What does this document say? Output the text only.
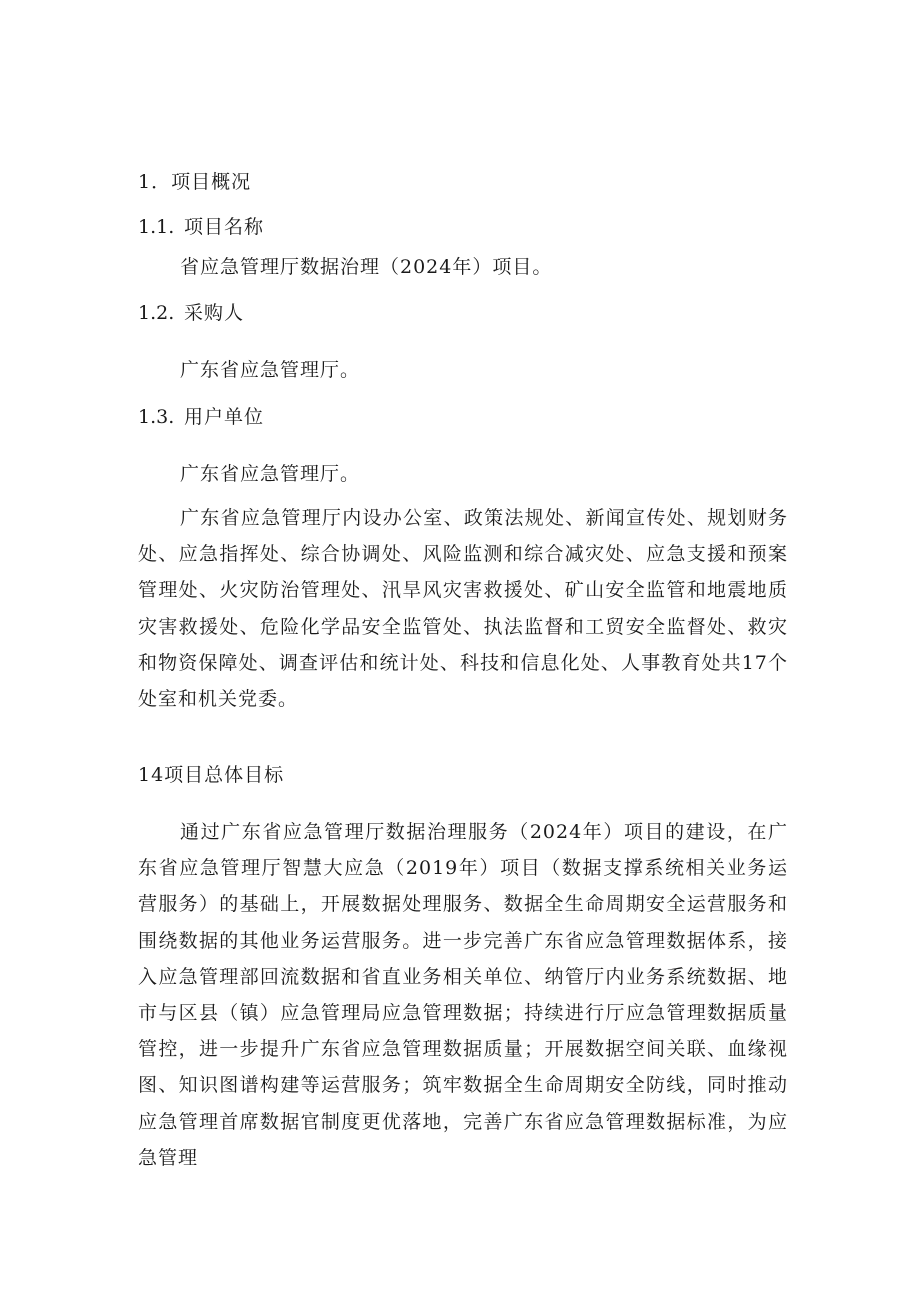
1．项目概况
1.1. 项目名称
省应急管理厅数据治理（2024年）项目。
1.2. 采购人
广东省应急管理厅。
1.3. 用户单位
广东省应急管理厅。

广东省应急管理厅内设办公室、政策法规处、新闻宣传处、规划财务处、应急指挥处、综合协调处、风险监测和综合减灾处、应急支援和预案管理处、火灾防治管理处、汛旱风灾害救援处、矿山安全监管和地震地质灾害救援处、危险化学品安全监管处、执法监督和工贸安全监督处、救灾和物资保障处、调查评估和统计处、科技和信息化处、人事教育处共17个处室和机关党委。

14项目总体目标

通过广东省应急管理厅数据治理服务（2024年）项目的建设，在广东省应急管理厅智慧大应急（2019年）项目（数据支撑系统相关业务运营服务）的基础上，开展数据处理服务、数据全生命周期安全运营服务和围绕数据的其他业务运营服务。进一步完善广东省应急管理数据体系，接入应急管理部回流数据和省直业务相关单位、纳管厅内业务系统数据、地市与区县（镇）应急管理局应急管理数据；持续进行厅应急管理数据质量管控，进一步提升广东省应急管理数据质量；开展数据空间关联、血缘视图、知识图谱构建等运营服务；筑牢数据全生命周期安全防线，同时推动应急管理首席数据官制度更优落地，完善广东省应急管理数据标准，为应急管理
